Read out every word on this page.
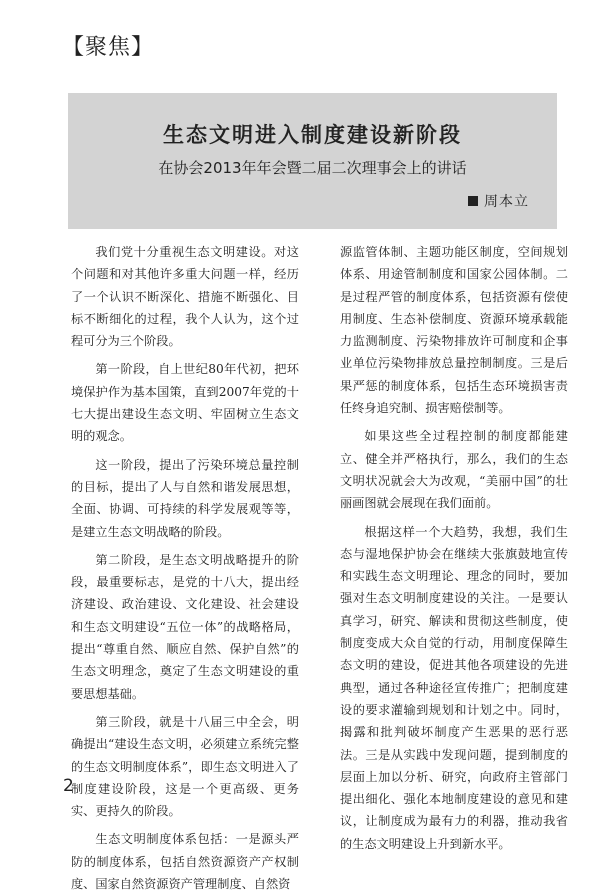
【聚焦】
生态文明进入制度建设新阶段
在协会2013年年会暨二届二次理事会上的讲话
周本立

我们党十分重视生态文明建设。对这个问题和对其他许多重大问题一样，经历了一个认识不断深化、措施不断强化、目标不断细化的过程，我个人认为，这个过程可分为三个阶段。

第一阶段，自上世纪80年代初，把环境保护作为基本国策，直到2007年党的十七大提出建设生态文明、牢固树立生态文明的观念。

这一阶段，提出了污染环境总量控制的目标，提出了人与自然和谐发展思想，全面、协调、可持续的科学发展观等等，是建立生态文明战略的阶段。

第二阶段，是生态文明战略提升的阶段，最重要标志，是党的十八大，提出经济建设、政治建设、文化建设、社会建设和生态文明建设“五位一体”的战略格局，提出“尊重自然、顺应自然、保护自然”的生态文明理念，奠定了生态文明建设的重要思想基础。

第三阶段，就是十八届三中全会，明确提出“建设生态文明，必须建立系统完整的生态文明制度体系”，即生态文明进入了制度建设阶段，这是一个更高级、更务实、更持久的阶段。

生态文明制度体系包括：一是源头严防的制度体系，包括自然资源资产产权制度、国家自然资源资产管理制度、自然资

源监管体制、主题功能区制度，空间规划体系、用途管制制度和国家公园体制。二是过程严管的制度体系，包括资源有偿使用制度、生态补偿制度、资源环境承载能力监测制度、污染物排放许可制度和企事业单位污染物排放总量控制制度。三是后果严惩的制度体系，包括生态环境损害责任终身追究制、损害赔偿制等。

如果这些全过程控制的制度都能建立、健全并严格执行，那么，我们的生态文明状况就会大为改观，“美丽中国”的壮丽画图就会展现在我们面前。

根据这样一个大趋势，我想，我们生态与湿地保护协会在继续大张旗鼓地宣传和实践生态文明理论、理念的同时，要加强对生态文明制度建设的关注。一是要认真学习，研究、解读和贯彻这些制度，使制度变成大众自觉的行动，用制度保障生态文明的建设，促进其他各项建设的先进典型，通过各种途径宣传推广；把制度建设的要求灌输到规划和计划之中。同时，揭露和批判破坏制度产生恶果的恶行恶法。三是从实践中发现问题，提到制度的层面上加以分析、研究，向政府主管部门提出细化、强化本地制度建设的意见和建议，让制度成为最有力的利器，推动我省的生态文明建设上升到新水平。

2
